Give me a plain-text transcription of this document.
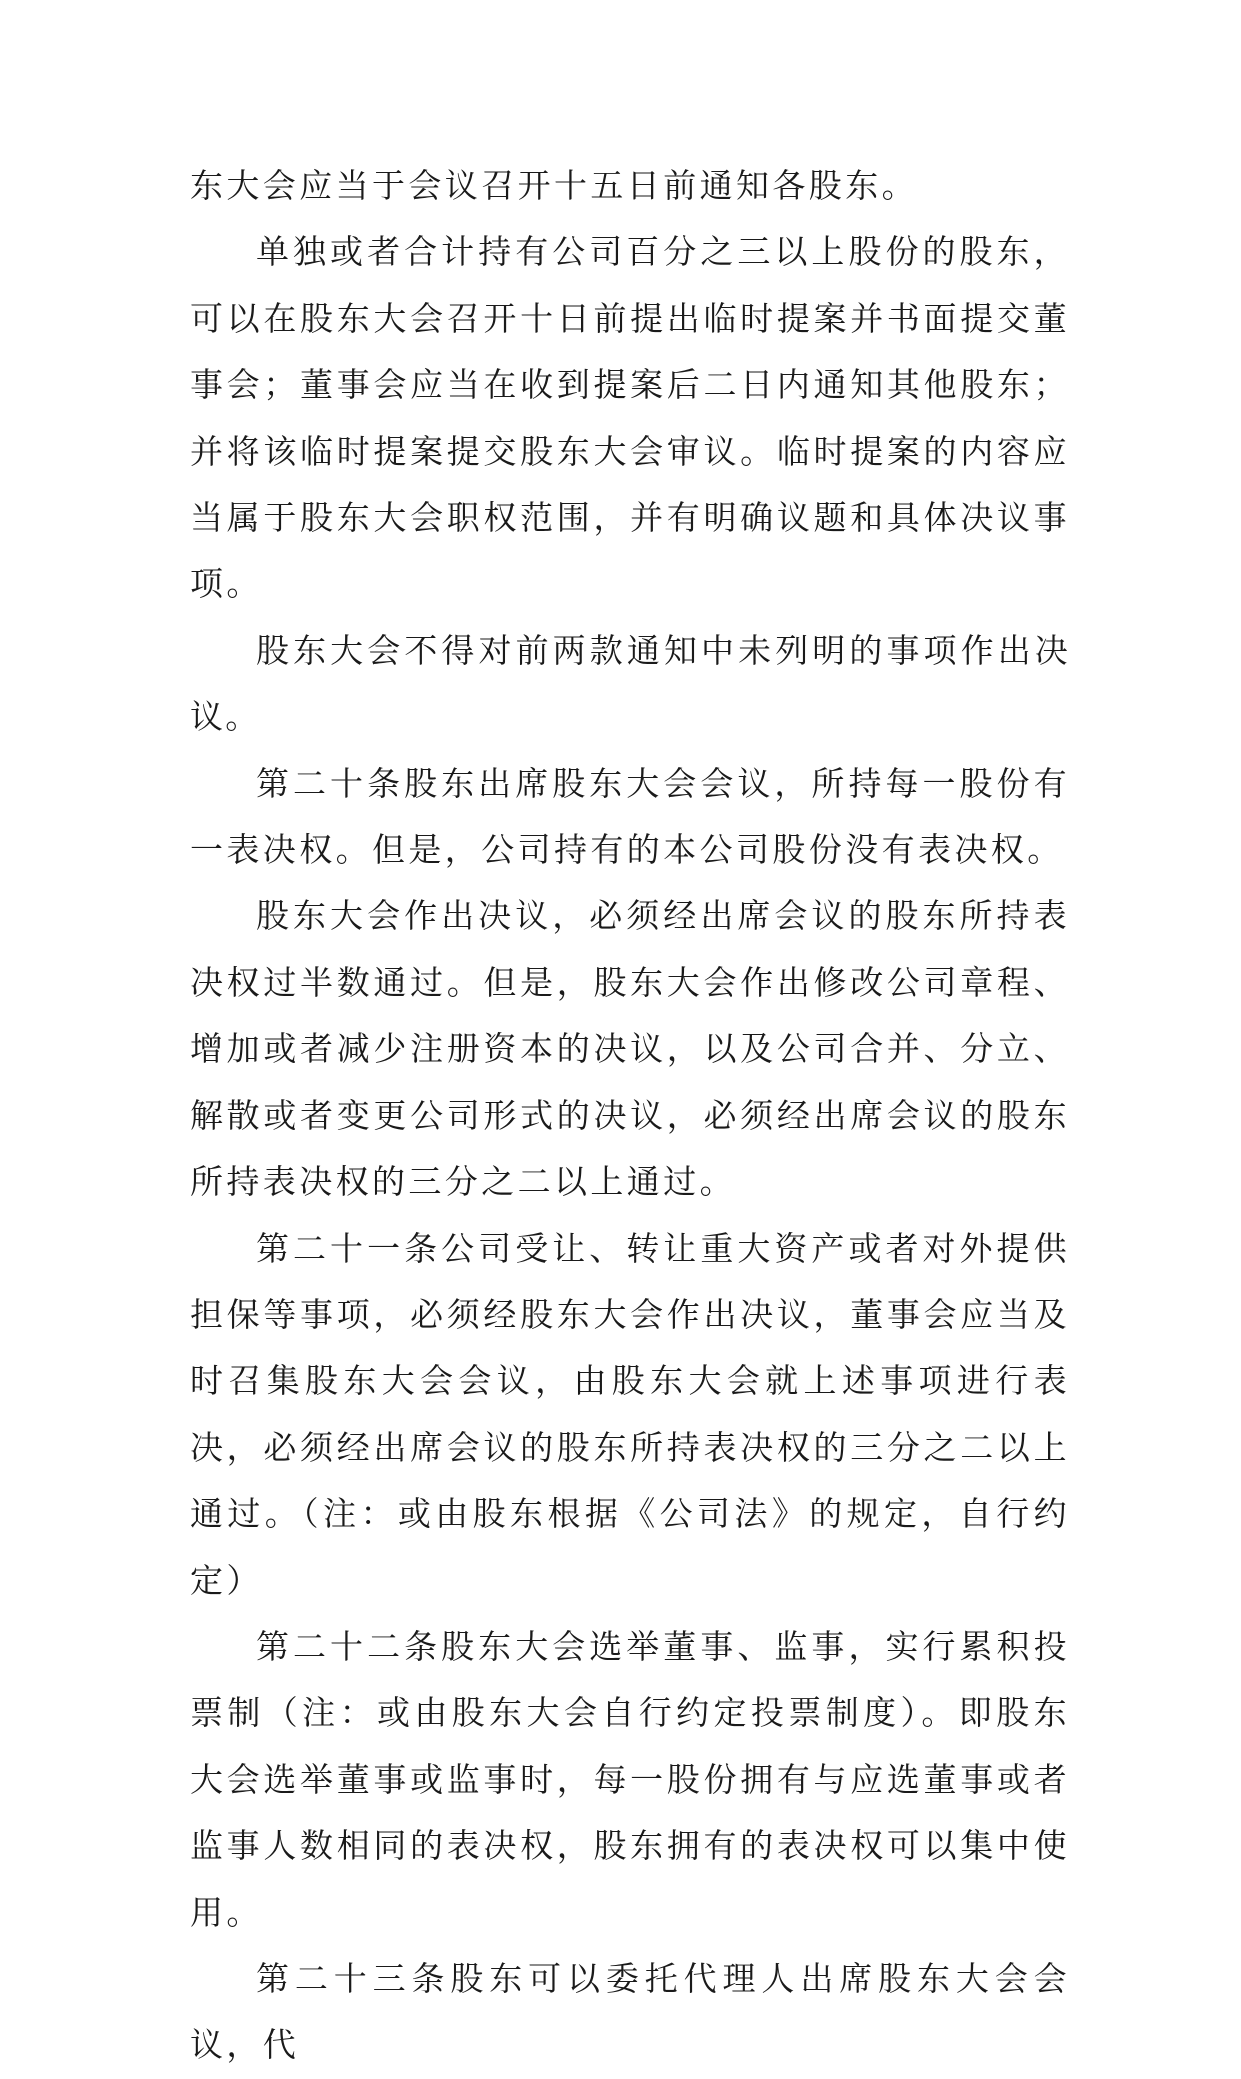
东大会应当于会议召开十五日前通知各股东。

单独或者合计持有公司百分之三以上股份的股东，可以在股东大会召开十日前提出临时提案并书面提交董事会；董事会应当在收到提案后二日内通知其他股东；并将该临时提案提交股东大会审议。临时提案的内容应当属于股东大会职权范围，并有明确议题和具体决议事项。

股东大会不得对前两款通知中未列明的事项作出决议。

第二十条股东出席股东大会会议，所持每一股份有一表决权。但是，公司持有的本公司股份没有表决权。

股东大会作出决议，必须经出席会议的股东所持表决权过半数通过。但是，股东大会作出修改公司章程、增加或者减少注册资本的决议，以及公司合并、分立、解散或者变更公司形式的决议，必须经出席会议的股东所持表决权的三分之二以上通过。

第二十一条公司受让、转让重大资产或者对外提供担保等事项，必须经股东大会作出决议，董事会应当及时召集股东大会会议，由股东大会就上述事项进行表决，必须经出席会议的股东所持表决权的三分之二以上通过。（注：或由股东根据《公司法》的规定，自行约定）

第二十二条股东大会选举董事、监事，实行累积投票制（注：或由股东大会自行约定投票制度）。即股东大会选举董事或监事时，每一股份拥有与应选董事或者监事人数相同的表决权，股东拥有的表决权可以集中使用。

第二十三条股东可以委托代理人出席股东大会会议，代
